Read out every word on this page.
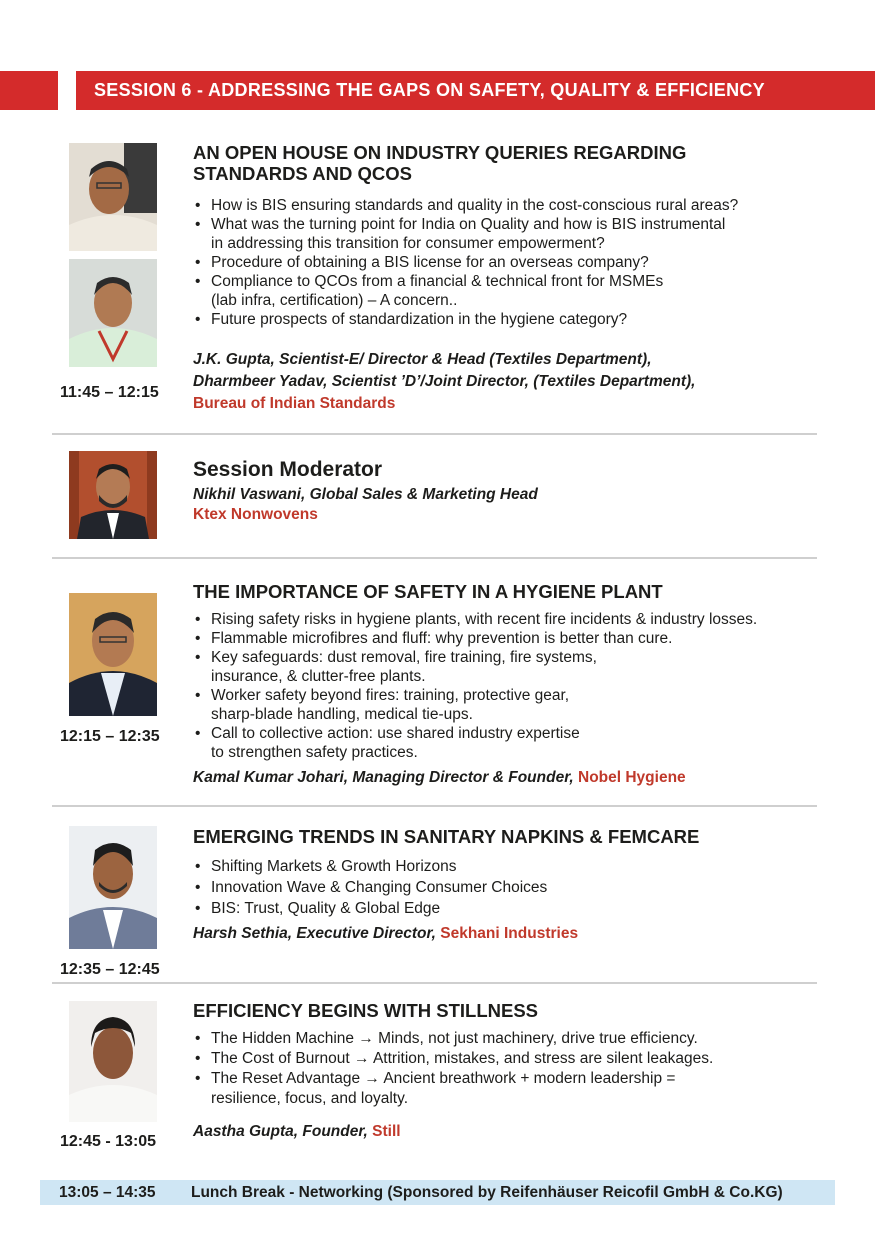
SESSION 6 - ADDRESSING THE GAPS ON SAFETY, QUALITY & EFFICIENCY
11:45 – 12:15
AN OPEN HOUSE ON INDUSTRY QUERIES REGARDING
STANDARDS AND QCOS
• How is BIS ensuring standards and quality in the cost-conscious rural areas?
• What was the turning point for India on Quality and how is BIS instrumental
in addressing this transition for consumer empowerment?
• Procedure of obtaining a BIS license for an overseas company?
• Compliance to QCOs from a financial & technical front for MSMEs
(lab infra, certification) – A concern..
• Future prospects of standardization in the hygiene category?
J.K. Gupta, Scientist-E/ Director & Head (Textiles Department),
Dharmbeer Yadav, Scientist ’D’/Joint Director, (Textiles Department),
Bureau of Indian Standards
Session Moderator
Nikhil Vaswani, Global Sales & Marketing Head
Ktex Nonwovens
12:15 – 12:35
THE IMPORTANCE OF SAFETY IN A HYGIENE PLANT
• Rising safety risks in hygiene plants, with recent fire incidents & industry losses.
• Flammable microfibres and fluff: why prevention is better than cure.
• Key safeguards: dust removal, fire training, fire systems,
insurance, & clutter-free plants.
• Worker safety beyond fires: training, protective gear,
sharp-blade handling, medical tie-ups.
• Call to collective action: use shared industry expertise
to strengthen safety practices.
Kamal Kumar Johari, Managing Director & Founder, Nobel Hygiene
12:35 – 12:45
EMERGING TRENDS IN SANITARY NAPKINS & FEMCARE
• Shifting Markets & Growth Horizons
• Innovation Wave & Changing Consumer Choices
• BIS: Trust, Quality & Global Edge
Harsh Sethia, Executive Director, Sekhani Industries
12:45 - 13:05
EFFICIENCY BEGINS WITH STILLNESS
• The Hidden Machine → Minds, not just machinery, drive true efficiency.
• The Cost of Burnout → Attrition, mistakes, and stress are silent leakages.
• The Reset Advantage → Ancient breathwork + modern leadership =
resilience, focus, and loyalty.
Aastha Gupta, Founder, Still
13:05 – 14:35	Lunch Break - Networking (Sponsored by Reifenhäuser Reicofil GmbH & Co.KG)
